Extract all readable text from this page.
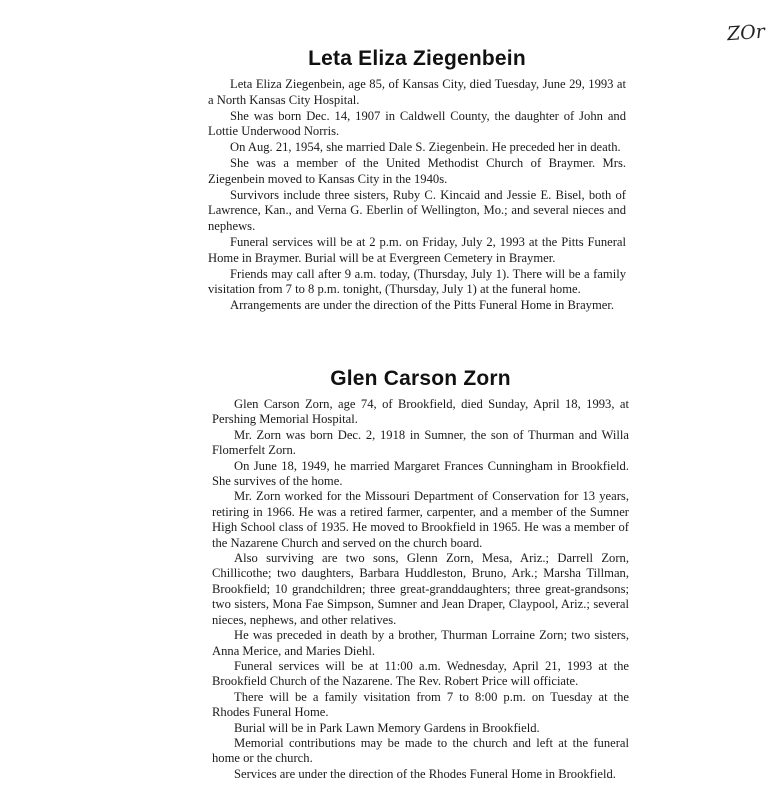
ZOr
Leta Eliza Ziegenbein

Leta Eliza Ziegenbein, age 85, of Kansas City, died Tuesday, June 29, 1993 at a North Kansas City Hospital.

She was born Dec. 14, 1907 in Caldwell County, the daughter of John and Lottie Underwood Norris.

On Aug. 21, 1954, she married Dale S. Ziegenbein. He preceded her in death.

She was a member of the United Methodist Church of Braymer. Mrs. Ziegenbein moved to Kansas City in the 1940s.

Survivors include three sisters, Ruby C. Kincaid and Jessie E. Bisel, both of Lawrence, Kan., and Verna G. Eberlin of Wellington, Mo.; and several nieces and nephews.

Funeral services will be at 2 p.m. on Friday, July 2, 1993 at the Pitts Funeral Home in Braymer. Burial will be at Evergreen Cemetery in Braymer.

Friends may call after 9 a.m. today, (Thursday, July 1). There will be a family visitation from 7 to 8 p.m. tonight, (Thursday, July 1) at the funeral home.

Arrangements are under the direction of the Pitts Funeral Home in Braymer.

Glen Carson Zorn

Glen Carson Zorn, age 74, of Brookfield, died Sunday, April 18, 1993, at Pershing Memorial Hospital.

Mr. Zorn was born Dec. 2, 1918 in Sumner, the son of Thurman and Willa Flomerfelt Zorn.

On June 18, 1949, he married Margaret Frances Cunningham in Brookfield. She survives of the home.

Mr. Zorn worked for the Missouri Department of Conservation for 13 years, retiring in 1966. He was a retired farmer, carpenter, and a member of the Sumner High School class of 1935. He moved to Brookfield in 1965. He was a member of the Nazarene Church and served on the church board.

Also surviving are two sons, Glenn Zorn, Mesa, Ariz.; Darrell Zorn, Chillicothe; two daughters, Barbara Huddleston, Bruno, Ark.; Marsha Tillman, Brookfield; 10 grandchildren; three great-granddaughters; three great-grandsons; two sisters, Mona Fae Simpson, Sumner and Jean Draper, Claypool, Ariz.; several nieces, nephews, and other relatives.

He was preceded in death by a brother, Thurman Lorraine Zorn; two sisters, Anna Merice, and Maries Diehl.

Funeral services will be at 11:00 a.m. Wednesday, April 21, 1993 at the Brookfield Church of the Nazarene. The Rev. Robert Price will officiate.

There will be a family visitation from 7 to 8:00 p.m. on Tuesday at the Rhodes Funeral Home.

Burial will be in Park Lawn Memory Gardens in Brookfield.

Memorial contributions may be made to the church and left at the funeral home or the church.

Services are under the direction of the Rhodes Funeral Home in Brookfield.
